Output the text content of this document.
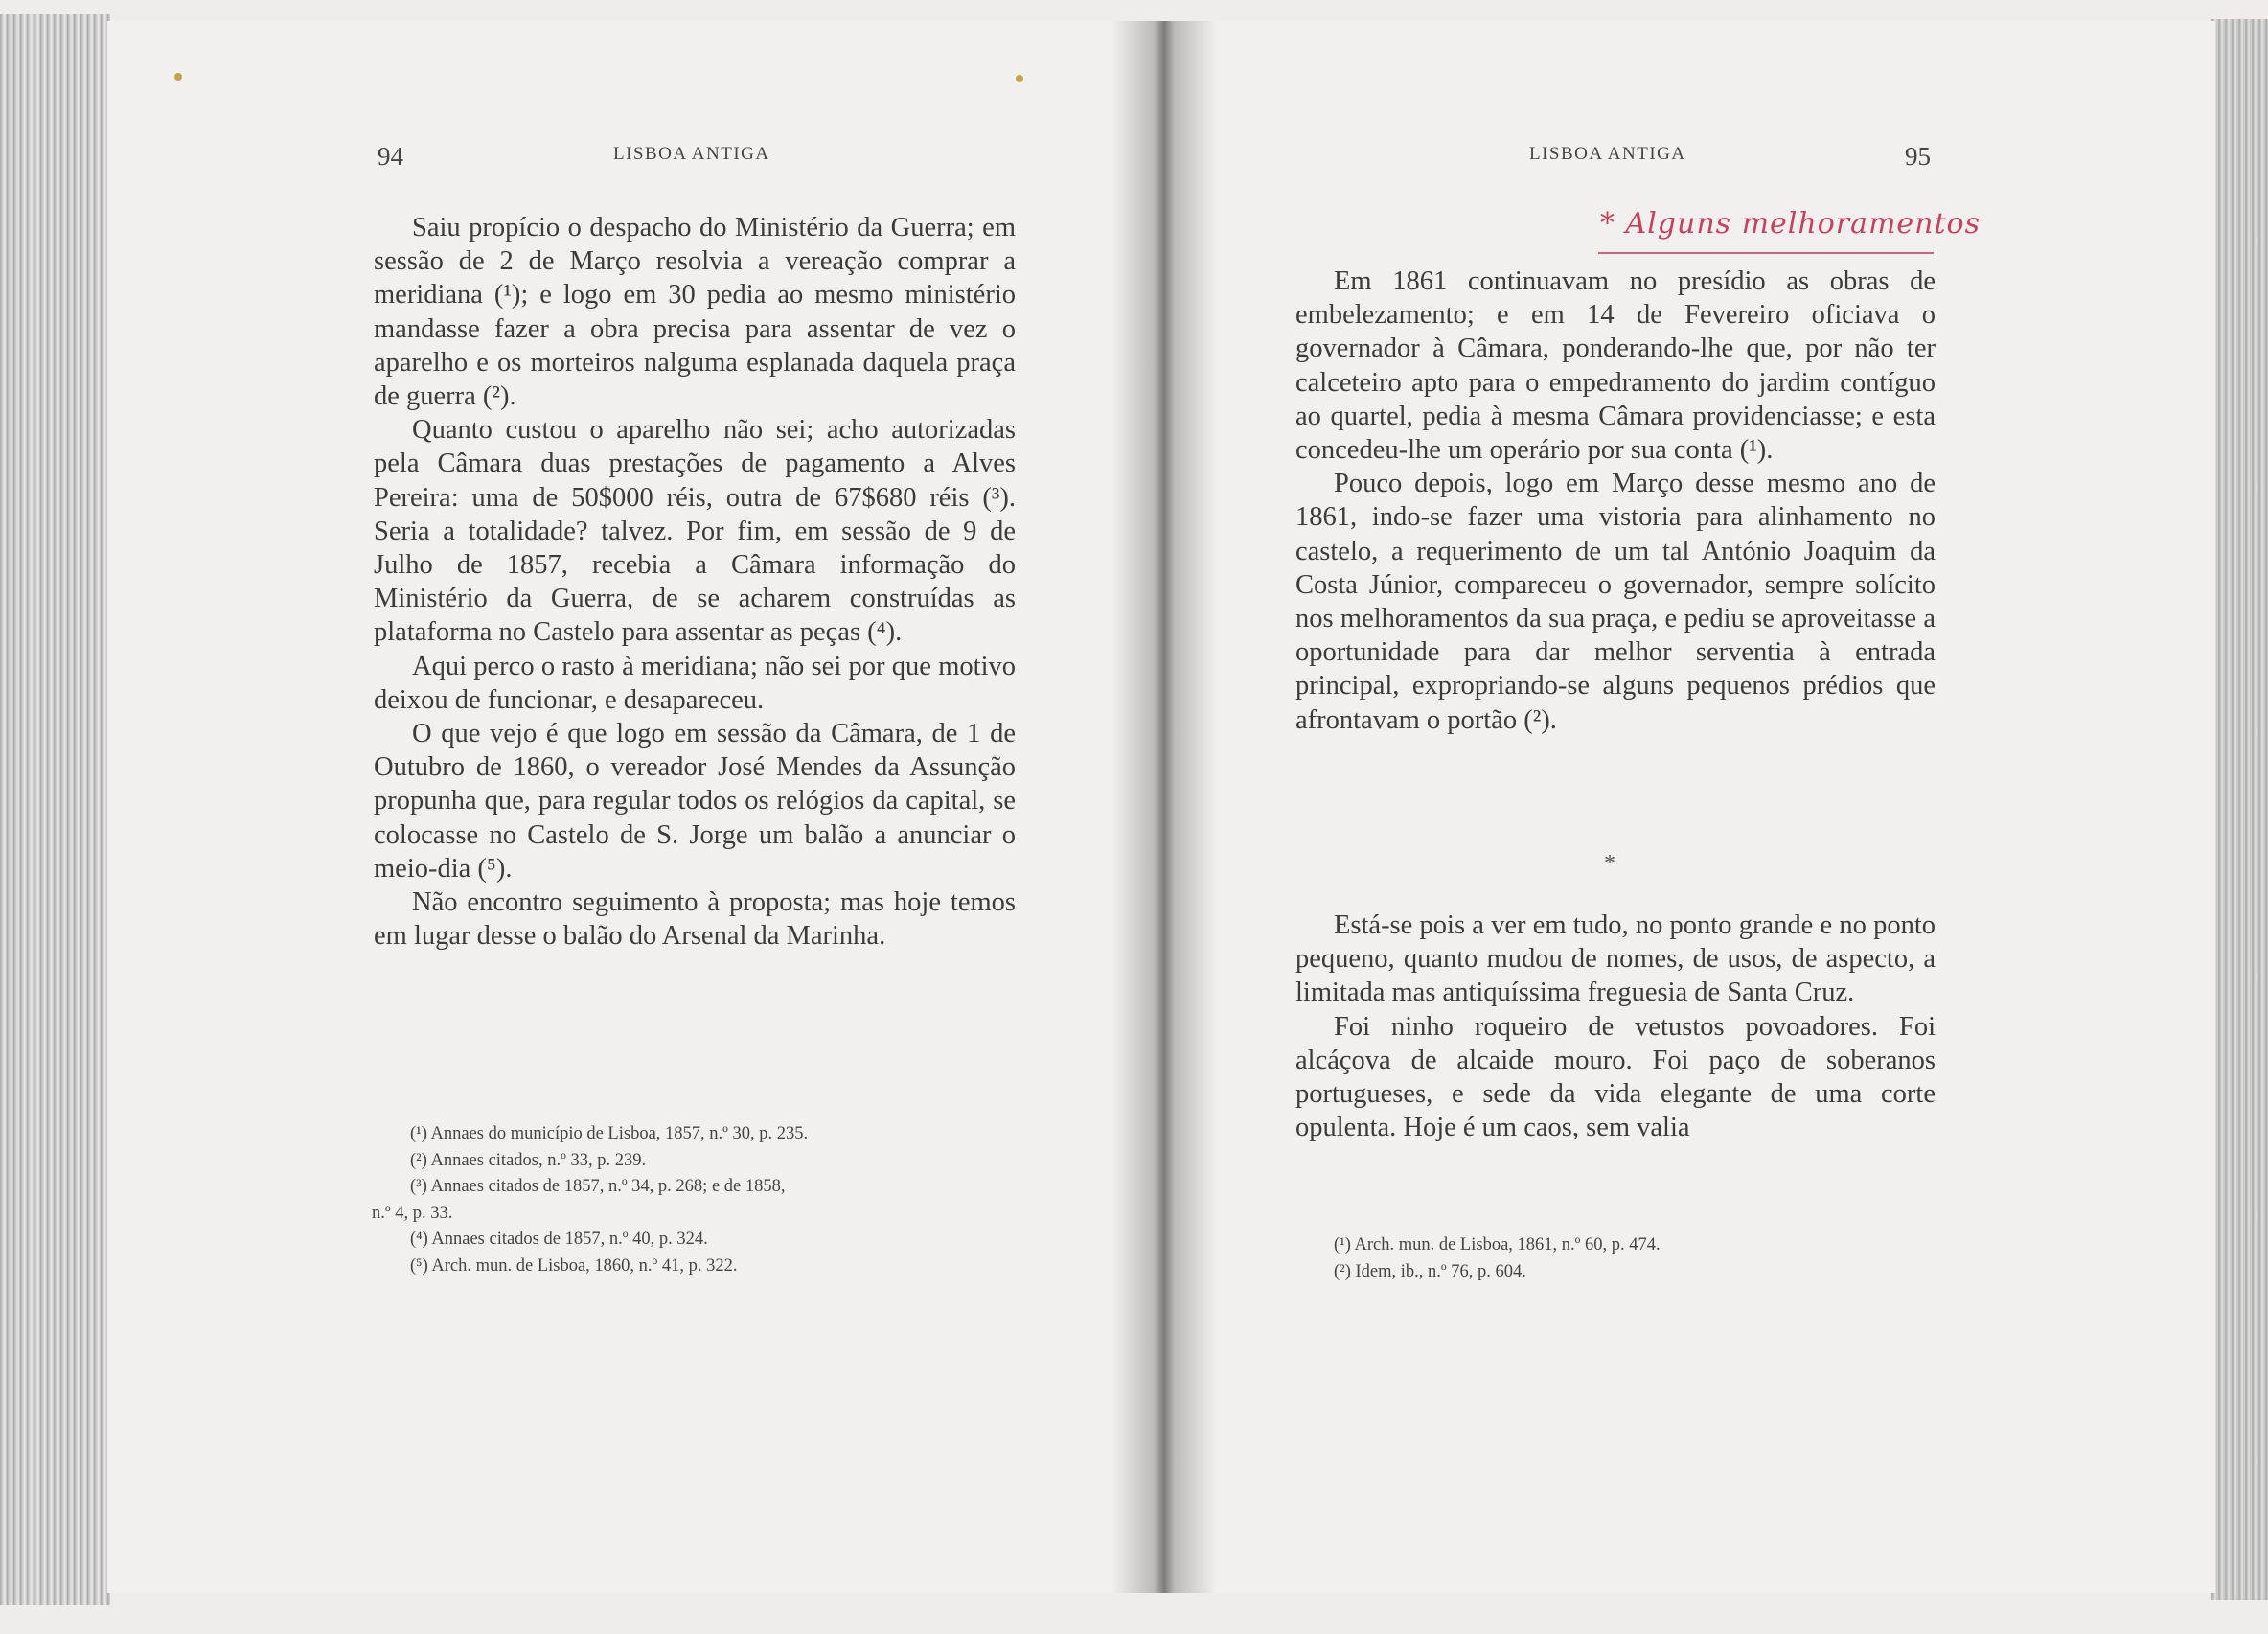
94	LISBOA ANTIGA

Saiu propício o despacho do Ministério da Guerra; em sessão de 2 de Março resolvia a vereação comprar a meridiana (¹); e logo em 30 pedia ao mesmo ministério mandasse fazer a obra precisa para assentar de vez o aparelho e os morteiros nalguma esplanada daquela praça de guerra (²).

Quanto custou o aparelho não sei; acho autorizadas pela Câmara duas prestações de pagamento a Alves Pereira: uma de 50$000 réis, outra de 67$680 réis (³). Seria a totalidade? talvez. Por fim, em sessão de 9 de Julho de 1857, recebia a Câmara informação do Ministério da Guerra, de se acharem construídas as plataforma no Castelo para assentar as peças (⁴).

Aqui perco o rasto à meridiana; não sei por que motivo deixou de funcionar, e desapareceu.

O que vejo é que logo em sessão da Câmara, de 1 de Outubro de 1860, o vereador José Mendes da Assunção propunha que, para regular todos os relógios da capital, se colocasse no Castelo de S. Jorge um balão a anunciar o meio-dia (⁵).

Não encontro seguimento à proposta; mas hoje temos em lugar desse o balão do Arsenal da Marinha.

(¹) Annaes do município de Lisboa, 1857, n.º 30, p. 235.
(²) Annaes citados, n.º 33, p. 239.
(³) Annaes citados de 1857, n.º 34, p. 268; e de 1858,
n.º 4, p. 33.
(⁴) Annaes citados de 1857, n.º 40, p. 324.
(⁵) Arch. mun. de Lisboa, 1860, n.º 41, p. 322.
LISBOA ANTIGA	95
* Alguns melhoramentos

Em 1861 continuavam no presídio as obras de embelezamento; e em 14 de Fevereiro oficiava o governador à Câmara, ponderando-lhe que, por não ter calceteiro apto para o empedramento do jardim contíguo ao quartel, pedia à mesma Câmara providenciasse; e esta concedeu-lhe um operário por sua conta (¹).

Pouco depois, logo em Março desse mesmo ano de 1861, indo-se fazer uma vistoria para alinhamento no castelo, a requerimento de um tal António Joaquim da Costa Júnior, compareceu o governador, sempre solícito nos melhoramentos da sua praça, e pediu se aproveitasse a oportunidade para dar melhor serventia à entrada principal, expropriando-se alguns pequenos prédios que afrontavam o portão (²).

*

Está-se pois a ver em tudo, no ponto grande e no ponto pequeno, quanto mudou de nomes, de usos, de aspecto, a limitada mas antiquíssima freguesia de Santa Cruz.

Foi ninho roqueiro de vetustos povoadores. Foi alcáçova de alcaide mouro. Foi paço de soberanos portugueses, e sede da vida elegante de uma corte opulenta. Hoje é um caos, sem valia

(¹) Arch. mun. de Lisboa, 1861, n.º 60, p. 474.
(²) Idem, ib., n.º 76, p. 604.
